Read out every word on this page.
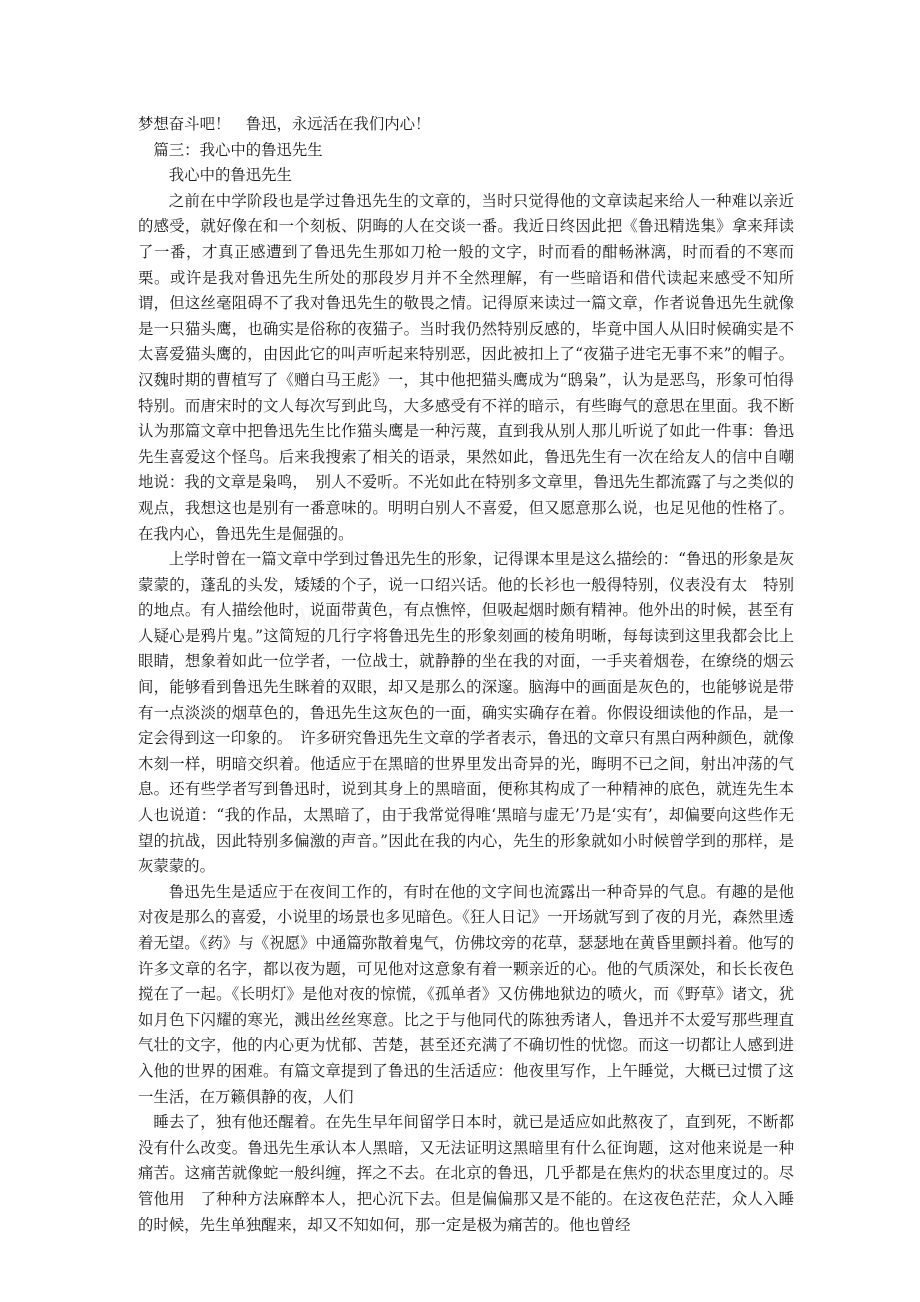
梦想奋斗吧！　鲁迅，永远活在我们内心！

篇三：我心中的鲁迅先生

我心中的鲁迅先生

之前在中学阶段也是学过鲁迅先生的文章的，当时只觉得他的文章读起来给人一种难以亲近的感受，就好像在和一个刻板、阴晦的人在交谈一番。我近日终因此把《鲁迅精选集》拿来拜读了一番，才真正感遭到了鲁迅先生那如刀枪一般的文字，时而看的酣畅淋漓，时而看的不寒而栗。或许是我对鲁迅先生所处的那段岁月并不全然理解，有一些暗语和借代读起来感受不知所谓，但这丝毫阻碍不了我对鲁迅先生的敬畏之情。记得原来读过一篇文章，作者说鲁迅先生就像是一只猫头鹰，也确实是俗称的夜猫子。当时我仍然特别反感的，毕竟中国人从旧时候确实是不太喜爱猫头鹰的，由因此它的叫声听起来特别恶，因此被扣上了“夜猫子进宅无事不来”的帽子。汉魏时期的曹植写了《赠白马王彪》一，其中他把猫头鹰成为“鸱枭”，认为是恶鸟，形象可怕得特别。而唐宋时的文人每次写到此鸟，大多感受有不祥的暗示，有些晦气的意思在里面。我不断认为那篇文章中把鲁迅先生比作猫头鹰是一种污蔑，直到我从别人那儿听说了如此一件事：鲁迅先生喜爱这个怪鸟。后来我搜索了相关的语录，果然如此，鲁迅先生有一次在给友人的信中自嘲地说：我的文章是枭鸣，　别人不爱听。不光如此在特别多文章里，鲁迅先生都流露了与之类似的观点，我想这也是别有一番意味的。明明白别人不喜爱，但又愿意那么说，也足见他的性格了。在我内心，鲁迅先生是倔强的。

上学时曾在一篇文章中学到过鲁迅先生的形象，记得课本里是这么描绘的：“鲁迅的形象是灰蒙蒙的，蓬乱的头发，矮矮的个子，说一口绍兴话。他的长衫也一般得特别，仪表没有太　特别的地点。有人描绘他时，说面带黄色，有点憔悴，但吸起烟时颇有精神。他外出的时候，甚至有人疑心是鸦片鬼。”这简短的几行字将鲁迅先生的形象刻画的棱角明晰，每每读到这里我都会比上眼睛，想象着如此一位学者，一位战士，就静静的坐在我的对面，一手夹着烟卷，在缭绕的烟云间，能够看到鲁迅先生眯着的双眼，却又是那么的深邃。脑海中的画面是灰色的，也能够说是带有一点淡淡的烟草色的，鲁迅先生这灰色的一面，确实实确存在着。你假设细读他的作品，是一定会得到这一印象的。　许多研究鲁迅先生文章的学者表示，鲁迅的文章只有黑白两种颜色，就像木刻一样，明暗交织着。他适应于在黑暗的世界里发出奇异的光，晦明不已之间，射出冲荡的气息。还有些学者写到鲁迅时，说到其身上的黑暗面，便称其构成了一种精神的底色，就连先生本人也说道：“我的作品，太黑暗了，由于我常觉得唯‘黑暗与虚无’乃是‘实有’，却偏要向这些作无望的抗战，因此特别多偏激的声音。”因此在我的内心，先生的形象就如小时候曾学到的那样，是灰蒙蒙的。

鲁迅先生是适应于在夜间工作的，有时在他的文字间也流露出一种奇异的气息。有趣的是他对夜是那么的喜爱，小说里的场景也多见暗色。《狂人日记》一开场就写到了夜的月光，森然里透着无望。《药》与《祝愿》中通篇弥散着鬼气，仿佛坟旁的花草，瑟瑟地在黄昏里颤抖着。他写的许多文章的名字，都以夜为题，可见他对这意象有着一颗亲近的心。他的气质深处，和长长夜色搅在了一起。《长明灯》是他对夜的惊慌，《孤单者》又仿佛地狱边的喷火，而《野草》诸文，犹如月色下闪耀的寒光，溅出丝丝寒意。比之于与他同代的陈独秀诸人，鲁迅并不太爱写那些理直气壮的文字，他的内心更为忧郁、苦楚，甚至还充满了不确切性的忧惚。而这一切都让人感到进入他的世界的困难。有篇文章提到了鲁迅的生活适应：他夜里写作，上午睡觉，大概已过惯了这一生活，在万籁俱静的夜，人们

睡去了，独有他还醒着。在先生早年间留学日本时，就已是适应如此熬夜了，直到死，不断都没有什么改变。鲁迅先生承认本人黑暗，又无法证明这黑暗里有什么征询题，这对他来说是一种痛苦。这痛苦就像蛇一般纠缠，挥之不去。在北京的鲁迅，几乎都是在焦灼的状态里度过的。尽管他用　了种种方法麻醉本人，把心沉下去。但是偏偏那又是不能的。在这夜色茫茫，众人入睡的时候，先生单独醒来，却又不知如何，那一定是极为痛苦的。他也曾经
